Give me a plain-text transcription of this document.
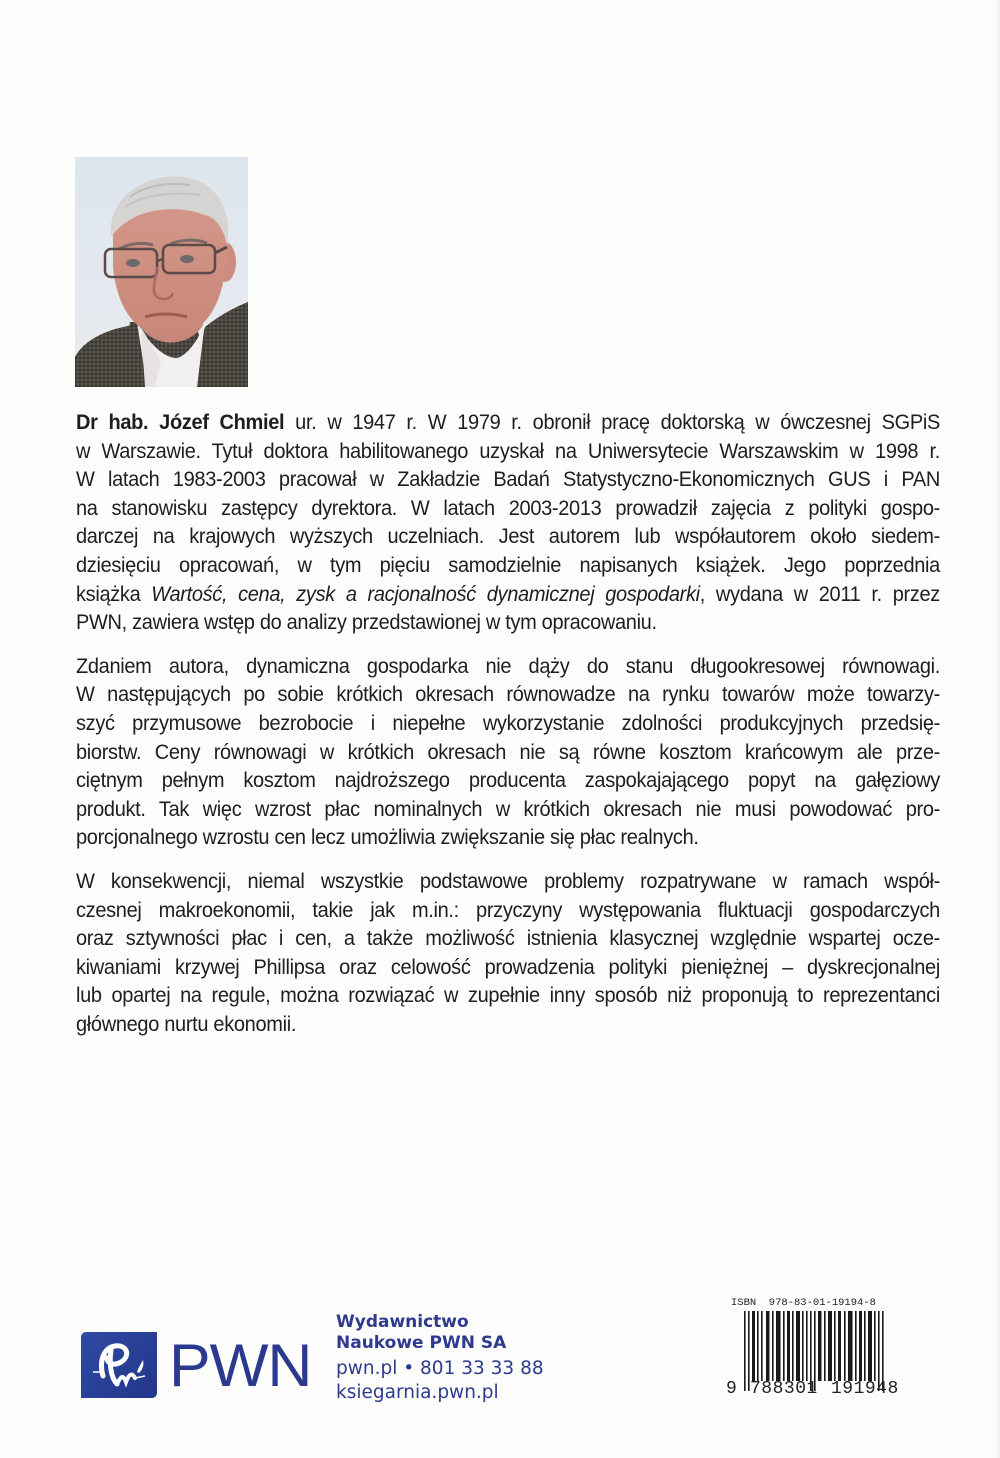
Dr hab. Józef Chmiel ur. w 1947 r. W 1979 r. obronił pracę doktorską w ówczesnej SGPiS
w Warszawie. Tytuł doktora habilitowanego uzyskał na Uniwersytecie Warszawskim w 1998 r.
W latach 1983-2003 pracował w Zakładzie Badań Statystyczno-Ekonomicznych GUS i PAN
na stanowisku zastępcy dyrektora. W latach 2003-2013 prowadził zajęcia z polityki gospo-
darczej na krajowych wyższych uczelniach. Jest autorem lub współautorem około siedem-
dziesięciu opracowań, w tym pięciu samodzielnie napisanych książek. Jego poprzednia
książka Wartość, cena, zysk a racjonalność dynamicznej gospodarki, wydana w 2011 r. przez
PWN, zawiera wstęp do analizy przedstawionej w tym opracowaniu.
Zdaniem autora, dynamiczna gospodarka nie dąży do stanu długookresowej równowagi.
W następujących po sobie krótkich okresach równowadze na rynku towarów może towarzy-
szyć przymusowe bezrobocie i niepełne wykorzystanie zdolności produkcyjnych przedsię-
biorstw. Ceny równowagi w krótkich okresach nie są równe kosztom krańcowym ale prze-
ciętnym pełnym kosztom najdroższego producenta zaspokajającego popyt na gałęziowy
produkt. Tak więc wzrost płac nominalnych w krótkich okresach nie musi powodować pro-
porcjonalnego wzrostu cen lecz umożliwia zwiększanie się płac realnych.
W konsekwencji, niemal wszystkie podstawowe problemy rozpatrywane w ramach współ-
czesnej makroekonomii, takie jak m.in.: przyczyny występowania fluktuacji gospodarczych
oraz sztywności płac i cen, a także możliwość istnienia klasycznej względnie wspartej ocze-
kiwaniami krzywej Phillipsa oraz celowość prowadzenia polityki pieniężnej – dyskrecjonalnej
lub opartej na regule, można rozwiązać w zupełnie inny sposób niż proponują to reprezentanci
głównego nurtu ekonomii.
PWN
Wydawnictwo
Naukowe PWN SA
pwn.pl • 801 33 33 88
ksiegarnia.pwn.pl
ISBN  978-83-01-19194-8
9 788301 191948
